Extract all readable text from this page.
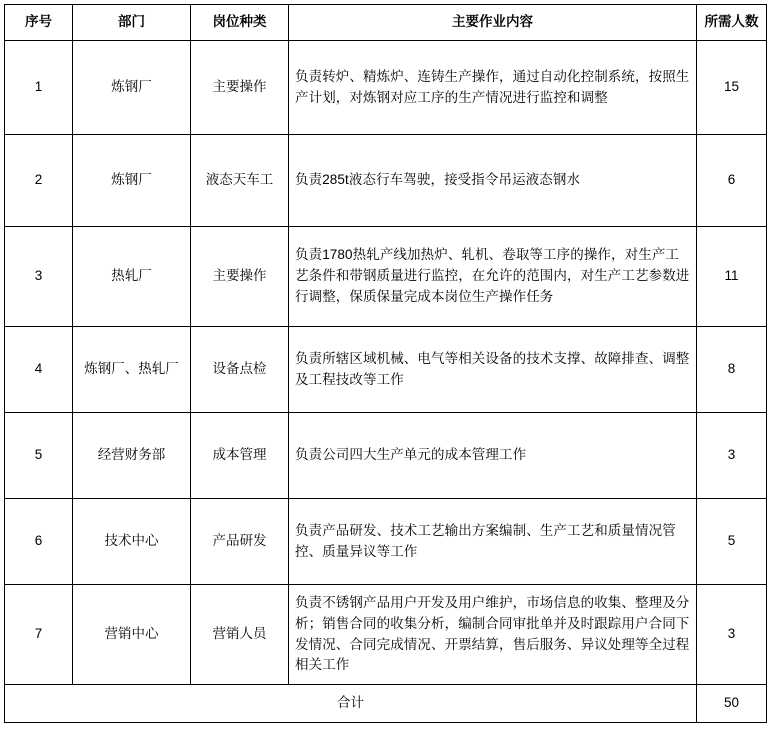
序号	部门	岗位种类	主要作业内容	所需人数
1	炼钢厂	主要操作	负责转炉、精炼炉、连铸生产操作，通过自动化控制系统，按照生产计划，对炼钢对应工序的生产情况进行监控和调整	15
2	炼钢厂	液态天车工	负责285t液态行车驾驶，接受指令吊运液态钢水	6
3	热轧厂	主要操作	负责1780热轧产线加热炉、轧机、卷取等工序的操作，对生产工艺条件和带钢质量进行监控，在允许的范围内，对生产工艺参数进行调整，保质保量完成本岗位生产操作任务	11
4	炼钢厂、热轧厂	设备点检	负责所辖区域机械、电气等相关设备的技术支撑、故障排查、调整及工程技改等工作	8
5	经营财务部	成本管理	负责公司四大生产单元的成本管理工作	3
6	技术中心	产品研发	负责产品研发、技术工艺输出方案编制、生产工艺和质量情况管控、质量异议等工作	5
7	营销中心	营销人员	负责不锈钢产品用户开发及用户维护，市场信息的收集、整理及分析；销售合同的收集分析，编制合同审批单并及时跟踪用户合同下发情况、合同完成情况、开票结算，售后服务、异议处理等全过程相关工作	3
合计				50
